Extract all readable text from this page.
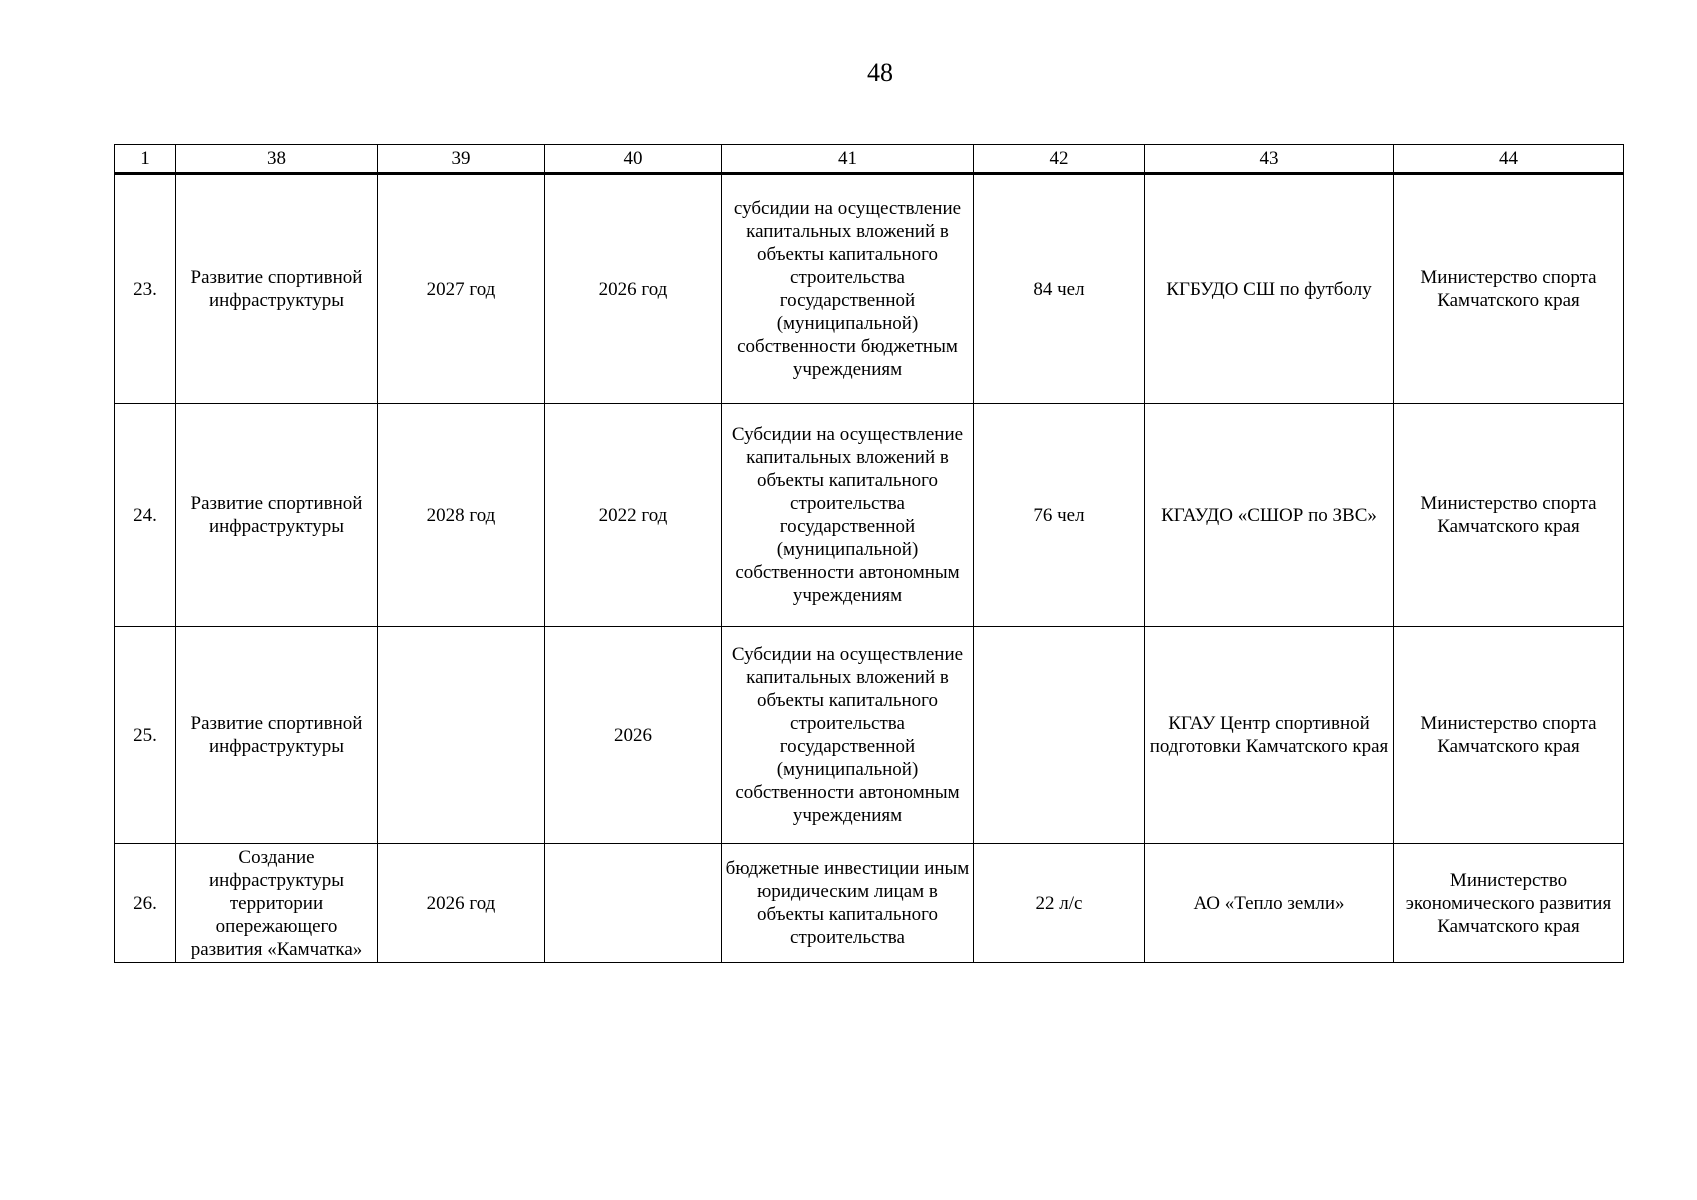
48
1	38	39	40	41	42	43	44
23.	Развитие спортивной инфраструктуры	2027 год	2026 год	субсидии на осуществление капитальных вложений в объекты капитального строительства государственной (муниципальной) собственности бюджетным учреждениям	84 чел	КГБУДО СШ по футболу	Министерство спорта Камчатского края
24.	Развитие спортивной инфраструктуры	2028 год	2022 год	Субсидии на осуществление капитальных вложений в объекты капитального строительства государственной (муниципальной) собственности автономным учреждениям	76 чел	КГАУДО «СШОР по ЗВС»	Министерство спорта Камчатского края
25.	Развитие спортивной инфраструктуры		2026	Субсидии на осуществление капитальных вложений в объекты капитального строительства государственной (муниципальной) собственности автономным учреждениям		КГАУ Центр спортивной подготовки Камчатского края	Министерство спорта Камчатского края
26.	Создание инфраструктуры территории опережающего развития «Камчатка»	2026 год		бюджетные инвестиции иным юридическим лицам в объекты капитального строительства	22 л/с	АО «Тепло земли»	Министерство экономического развития Камчатского края
